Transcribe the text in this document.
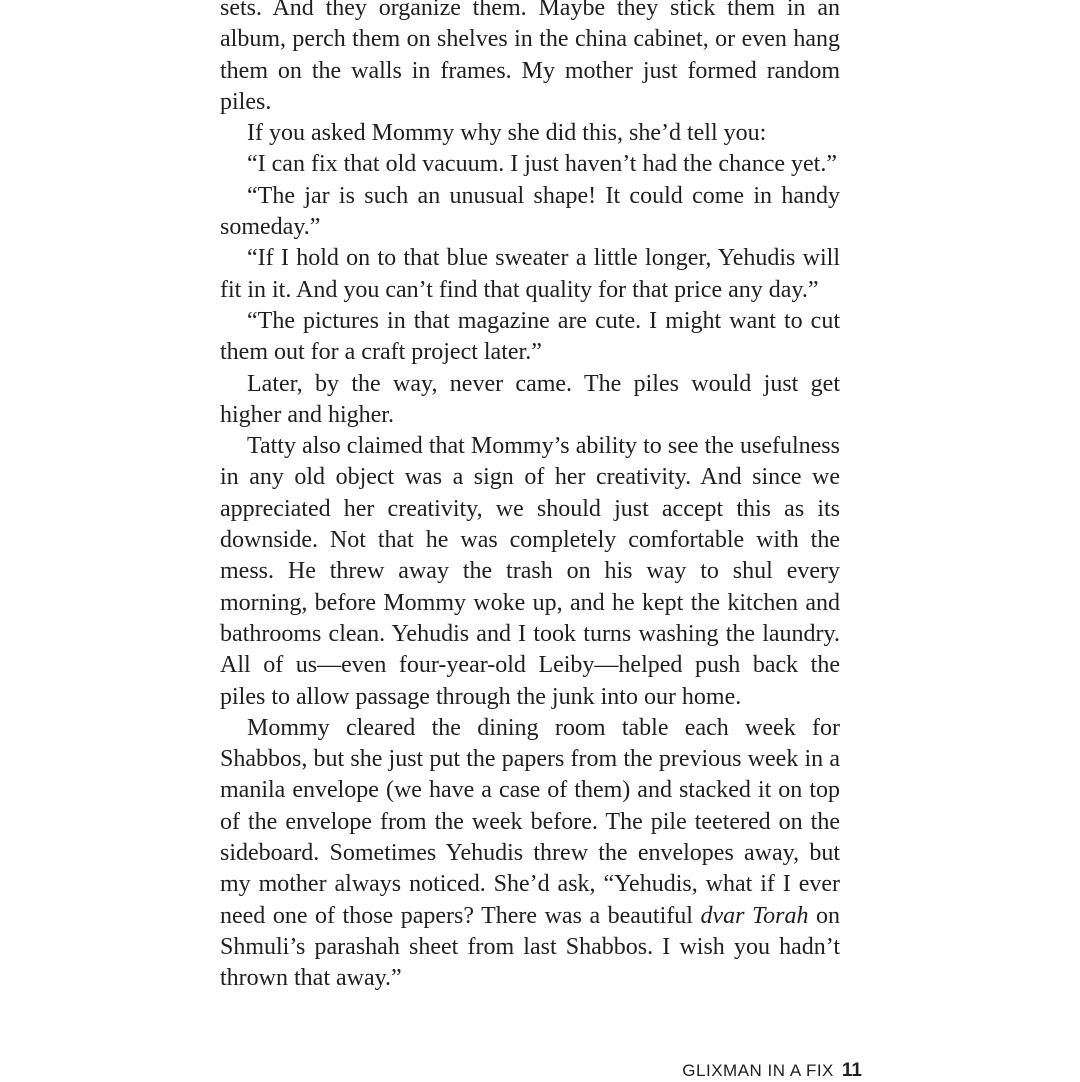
sets. And they organize them. Maybe they stick them in an album, perch them on shelves in the china cabinet, or even hang them on the walls in frames. My mother just formed random piles.

If you asked Mommy why she did this, she’d tell you:

“I can fix that old vacuum. I just haven’t had the chance yet.”

“The jar is such an unusual shape! It could come in handy someday.”

“If I hold on to that blue sweater a little longer, Yehudis will fit in it. And you can’t find that quality for that price any day.”

“The pictures in that magazine are cute. I might want to cut them out for a craft project later.”

Later, by the way, never came. The piles would just get higher and higher.

Tatty also claimed that Mommy’s ability to see the usefulness in any old object was a sign of her creativity. And since we appreciated her creativity, we should just accept this as its downside. Not that he was completely comfortable with the mess. He threw away the trash on his way to shul every morning, before Mommy woke up, and he kept the kitchen and bathrooms clean. Yehudis and I took turns washing the laundry. All of us—even four-year-old Leiby—helped push back the piles to allow passage through the junk into our home.

Mommy cleared the dining room table each week for Shabbos, but she just put the papers from the previous week in a manila envelope (we have a case of them) and stacked it on top of the envelope from the week before. The pile teetered on the sideboard. Sometimes Yehudis threw the envelopes away, but my mother always noticed. She’d ask, “Yehudis, what if I ever need one of those papers? There was a beautiful dvar Torah on Shmuli’s parashah sheet from last Shabbos. I wish you hadn’t thrown that away.”

GLIXMAN IN A FIX 11
